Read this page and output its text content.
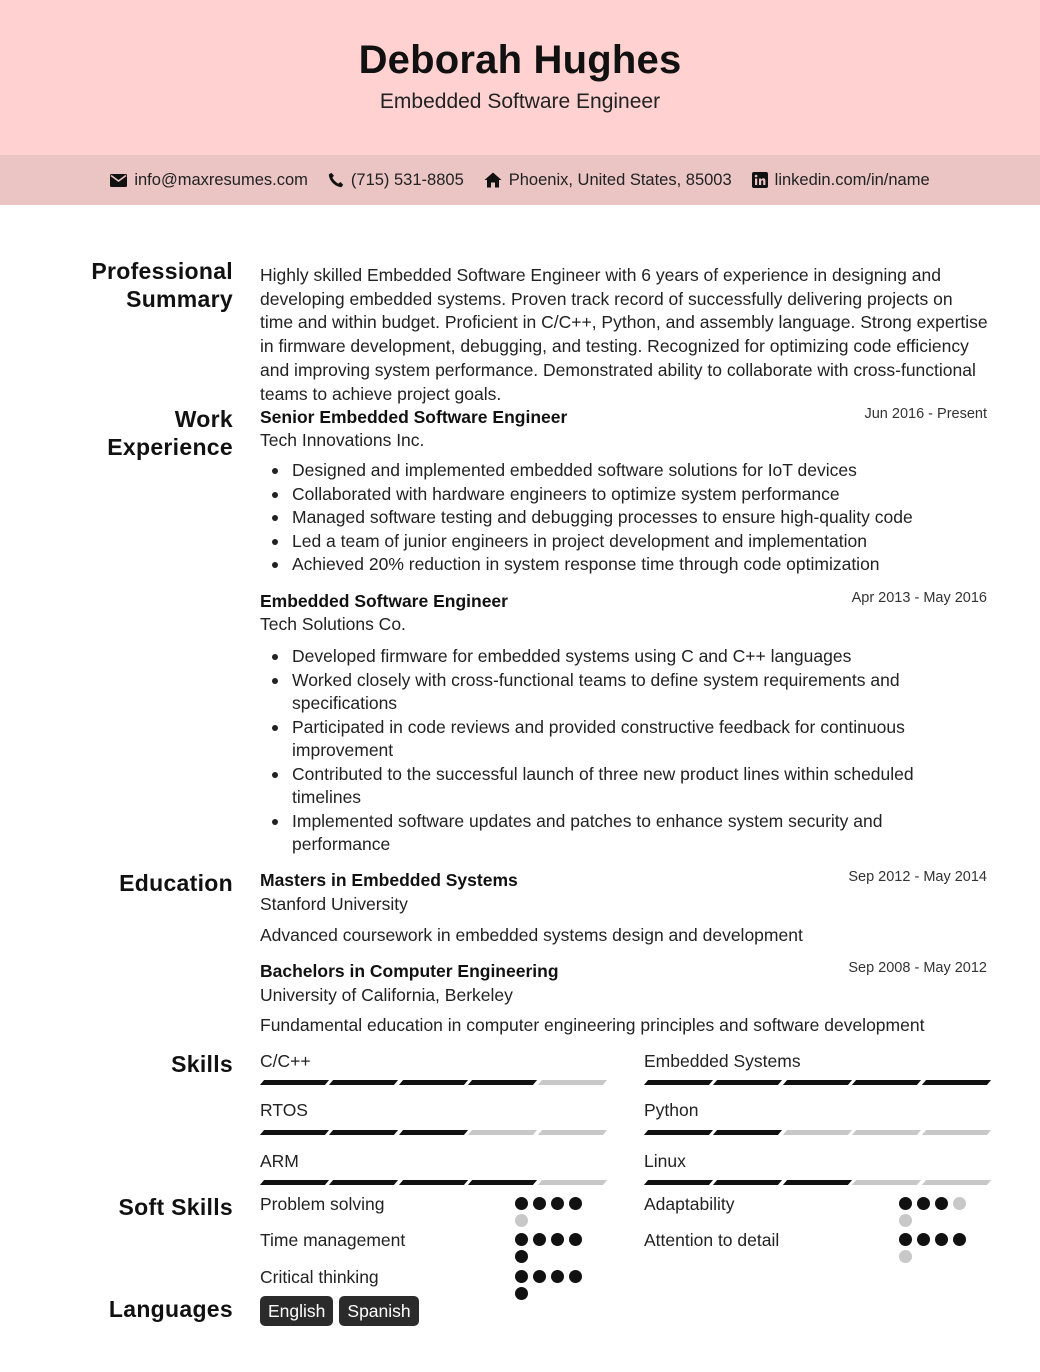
Deborah Hughes
Embedded Software Engineer
info@maxresumes.com	(715) 531-8805	Phoenix, United States, 85003	linkedin.com/in/name
Professional
Summary

Highly skilled Embedded Software Engineer with 6 years of experience in designing and developing embedded systems. Proven track record of successfully delivering projects on time and within budget. Proficient in C/C++, Python, and assembly language. Strong expertise in firmware development, debugging, and testing. Recognized for optimizing code efficiency and improving system performance. Demonstrated ability to collaborate with cross-functional teams to achieve project goals.

Work
Experience
Senior Embedded Software Engineer	Jun 2016 - Present
Tech Innovations Inc.
Designed and implemented embedded software solutions for IoT devices
Collaborated with hardware engineers to optimize system performance
Managed software testing and debugging processes to ensure high-quality code
Led a team of junior engineers in project development and implementation
Achieved 20% reduction in system response time through code optimization
Embedded Software Engineer	Apr 2013 - May 2016
Tech Solutions Co.
Developed firmware for embedded systems using C and C++ languages
Worked closely with cross-functional teams to define system requirements and specifications
Participated in code reviews and provided constructive feedback for continuous improvement
Contributed to the successful launch of three new product lines within scheduled timelines
Implemented software updates and patches to enhance system security and performance
Education Masters in Embedded Systems	Sep 2012 - May 2014
Stanford University
Advanced coursework in embedded systems design and development
Bachelors in Computer Engineering	Sep 2008 - May 2012
University of California, Berkeley
Fundamental education in computer engineering principles and software development
Skills C/C++	Embedded Systems
RTOS	Python
ARM	Linux
Soft Skills Problem solving	Adaptability
Time management	Attention to detail
Critical thinking
Languages	English	Spanish
